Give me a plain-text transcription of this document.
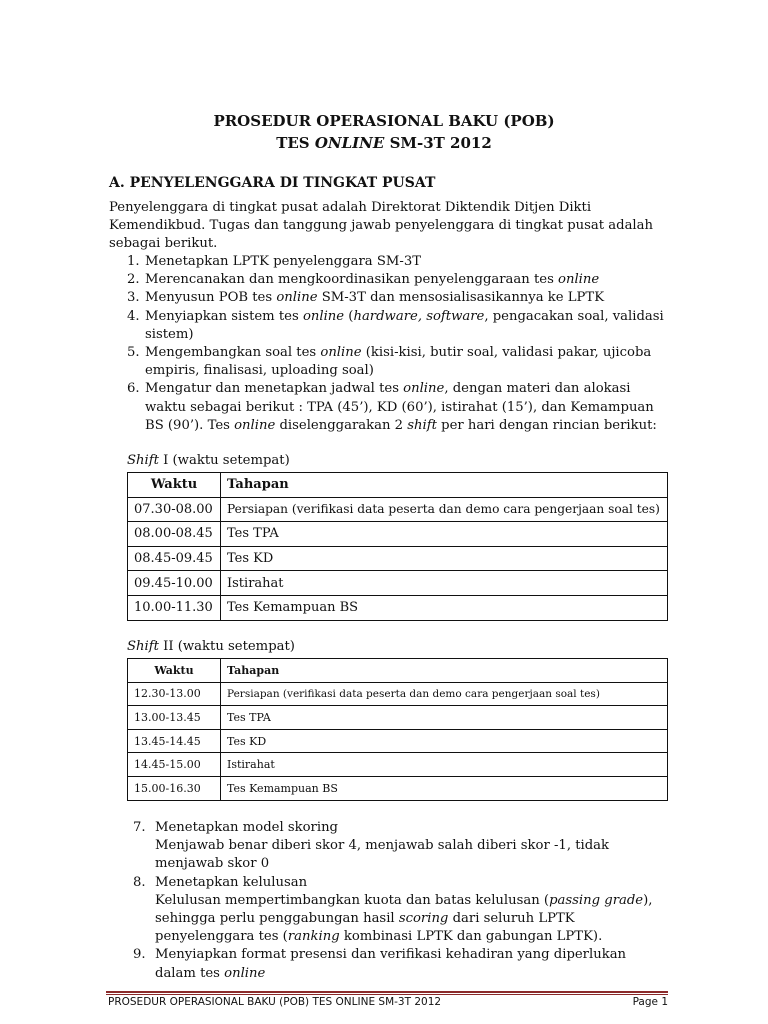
PROSEDUR OPERASIONAL BAKU (POB)
TES ONLINE SM-3T 2012
A. PENYELENGGARA DI TINGKAT PUSAT
Penyelenggara di tingkat pusat adalah Direktorat Diktendik Ditjen Dikti Kemendikbud. Tugas dan tanggung jawab penyelenggara di tingkat pusat adalah sebagai berikut.
1. Menetapkan LPTK penyelenggara SM-3T
2. Merencanakan dan mengkoordinasikan penyelenggaraan tes online
3. Menyusun POB tes online SM-3T dan mensosialisasikannya ke LPTK
4. Menyiapkan sistem tes online (hardware, software, pengacakan soal, validasi sistem)
5. Mengembangkan soal tes online (kisi-kisi, butir soal, validasi pakar, ujicoba empiris, finalisasi, uploading soal)
6. Mengatur dan menetapkan jadwal tes online, dengan materi dan alokasi waktu sebagai berikut : TPA (45’), KD (60’), istirahat (15’), dan Kemampuan BS (90’). Tes online diselenggarakan 2 shift per hari dengan rincian berikut:
Shift I (waktu setempat)
Waktu	Tahapan
07.30-08.00	Persiapan (verifikasi data peserta dan demo cara pengerjaan soal tes)
08.00-08.45	Tes TPA
08.45-09.45	Tes KD
09.45-10.00	Istirahat
10.00-11.30	Tes Kemampuan BS
Shift II (waktu setempat)
Waktu	Tahapan
12.30-13.00	Persiapan (verifikasi data peserta dan demo cara pengerjaan soal tes)
13.00-13.45	Tes TPA
13.45-14.45	Tes KD
14.45-15.00	Istirahat
15.00-16.30	Tes Kemampuan BS
7. Menetapkan model skoring
Menjawab benar diberi skor 4, menjawab salah diberi skor -1, tidak menjawab skor 0
8. Menetapkan kelulusan
Kelulusan mempertimbangkan kuota dan batas kelulusan (passing grade), sehingga perlu penggabungan hasil scoring dari seluruh LPTK penyelenggara tes (ranking kombinasi LPTK dan gabungan LPTK).
9. Menyiapkan format presensi dan verifikasi kehadiran yang diperlukan dalam tes online
PROSEDUR OPERASIONAL BAKU (POB) TES ONLINE SM-3T 2012	Page 1
